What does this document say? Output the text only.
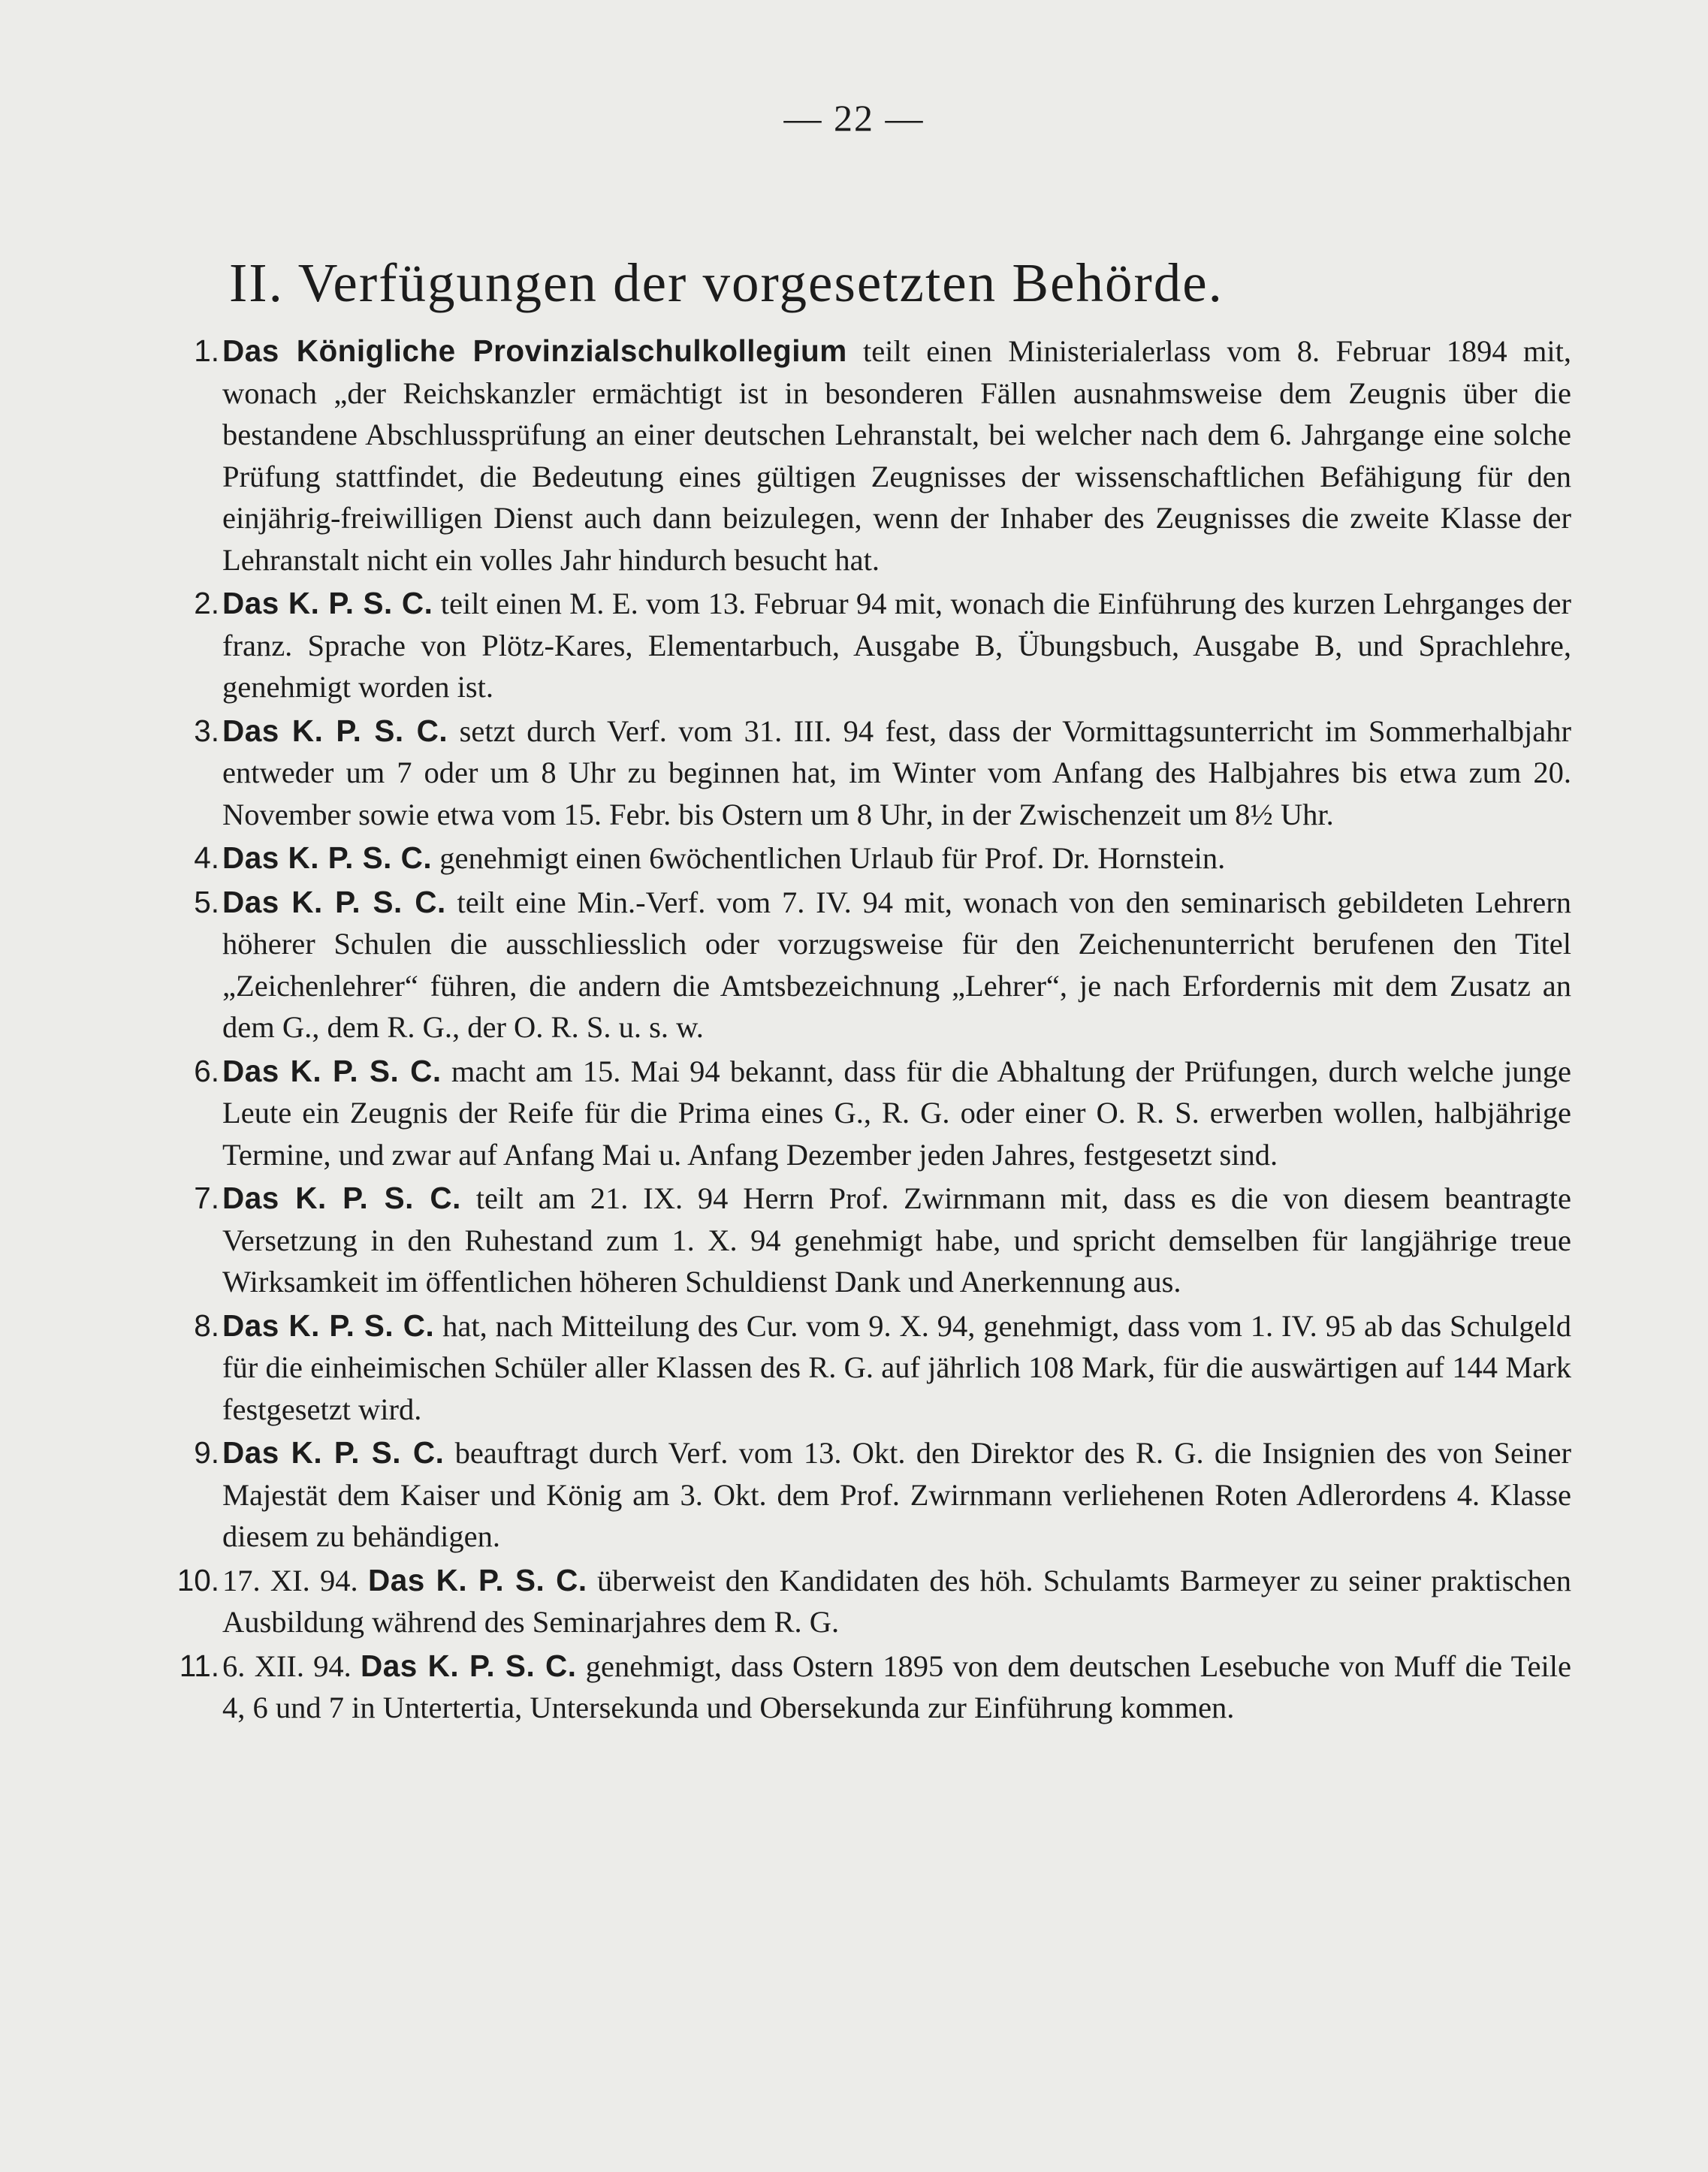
— 22 —
II. Verfügungen der vorgesetzten Behörde.
1. Das Königliche Provinzialschulkollegium teilt einen Ministerialerlass vom 8. Februar 1894 mit, wonach „der Reichskanzler ermächtigt ist in besonderen Fällen ausnahmsweise dem Zeugnis über die bestandene Abschlussprüfung an einer deutschen Lehranstalt, bei welcher nach dem 6. Jahrgange eine solche Prüfung stattfindet, die Bedeutung eines gültigen Zeugnisses der wissenschaftlichen Befähigung für den einjährig-freiwilligen Dienst auch dann beizulegen, wenn der Inhaber des Zeugnisses die zweite Klasse der Lehranstalt nicht ein volles Jahr hindurch besucht hat.
2. Das K. P. S. C. teilt einen M. E. vom 13. Februar 94 mit, wonach die Einführung des kurzen Lehrganges der franz. Sprache von Plötz-Kares, Elementarbuch, Ausgabe B, Übungsbuch, Ausgabe B, und Sprachlehre, genehmigt worden ist.
3. Das K. P. S. C. setzt durch Verf. vom 31. III. 94 fest, dass der Vormittagsunterricht im Sommerhalbjahr entweder um 7 oder um 8 Uhr zu beginnen hat, im Winter vom Anfang des Halbjahres bis etwa zum 20. November sowie etwa vom 15. Febr. bis Ostern um 8 Uhr, in der Zwischenzeit um 8½ Uhr.
4. Das K. P. S. C. genehmigt einen 6wöchentlichen Urlaub für Prof. Dr. Hornstein.
5. Das K. P. S. C. teilt eine Min.-Verf. vom 7. IV. 94 mit, wonach von den seminarisch gebildeten Lehrern höherer Schulen die ausschliesslich oder vorzugsweise für den Zeichenunterricht berufenen den Titel „Zeichenlehrer“ führen, die andern die Amtsbezeichnung „Lehrer“, je nach Erfordernis mit dem Zusatz an dem G., dem R. G., der O. R. S. u. s. w.
6. Das K. P. S. C. macht am 15. Mai 94 bekannt, dass für die Abhaltung der Prüfungen, durch welche junge Leute ein Zeugnis der Reife für die Prima eines G., R. G. oder einer O. R. S. erwerben wollen, halbjährige Termine, und zwar auf Anfang Mai u. Anfang Dezember jeden Jahres, festgesetzt sind.
7. Das K. P. S. C. teilt am 21. IX. 94 Herrn Prof. Zwirnmann mit, dass es die von diesem beantragte Versetzung in den Ruhestand zum 1. X. 94 genehmigt habe, und spricht demselben für langjährige treue Wirksamkeit im öffentlichen höheren Schuldienst Dank und Anerkennung aus.
8. Das K. P. S. C. hat, nach Mitteilung des Cur. vom 9. X. 94, genehmigt, dass vom 1. IV. 95 ab das Schulgeld für die einheimischen Schüler aller Klassen des R. G. auf jährlich 108 Mark, für die auswärtigen auf 144 Mark festgesetzt wird.
9. Das K. P. S. C. beauftragt durch Verf. vom 13. Okt. den Direktor des R. G. die Insignien des von Seiner Majestät dem Kaiser und König am 3. Okt. dem Prof. Zwirnmann verliehenen Roten Adlerordens 4. Klasse diesem zu behändigen.
10. 17. XI. 94. Das K. P. S. C. überweist den Kandidaten des höh. Schulamts Barmeyer zu seiner praktischen Ausbildung während des Seminarjahres dem R. G.
11. 6. XII. 94. Das K. P. S. C. genehmigt, dass Ostern 1895 von dem deutschen Lesebuche von Muff die Teile 4, 6 und 7 in Untertertia, Untersekunda und Obersekunda zur Einführung kommen.
